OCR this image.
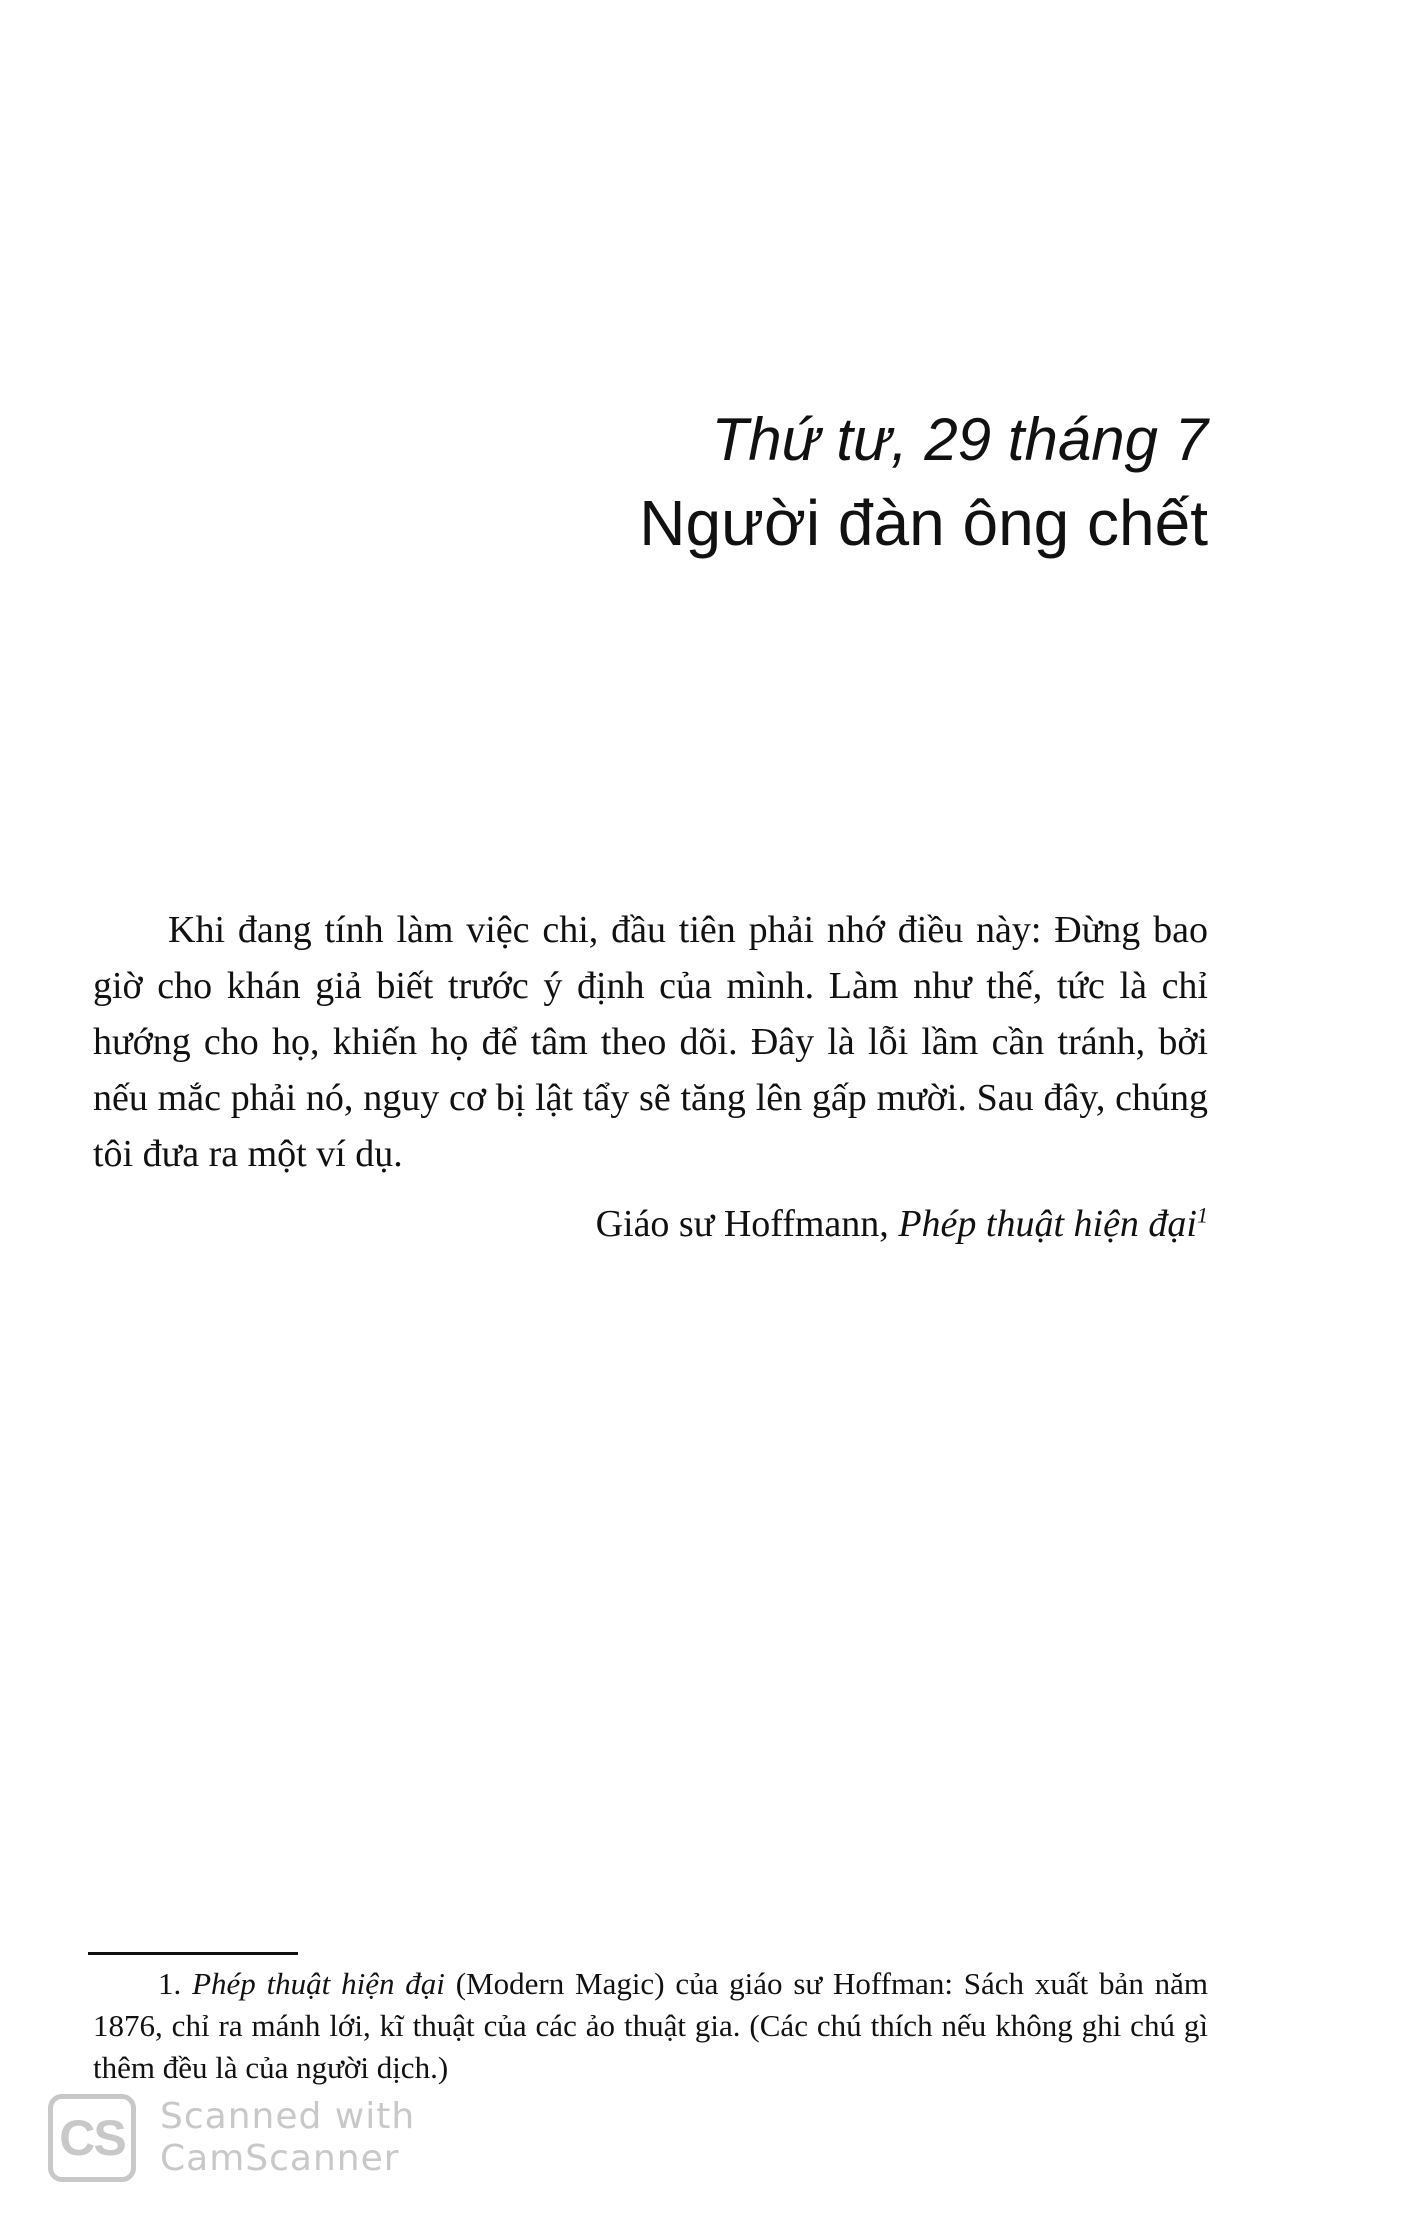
Thứ tư, 29 tháng 7
Người đàn ông chết

Khi đang tính làm việc chi, đầu tiên phải nhớ điều này: Đừng bao giờ cho khán giả biết trước ý định của mình. Làm như thế, tức là chỉ hướng cho họ, khiến họ để tâm theo dõi. Đây là lỗi lầm cần tránh, bởi nếu mắc phải nó, nguy cơ bị lật tẩy sẽ tăng lên gấp mười. Sau đây, chúng tôi đưa ra một ví dụ.

Giáo sư Hoffmann, Phép thuật hiện đại$^1$

1. Phép thuật hiện đại (Modern Magic) của giáo sư Hoffman: Sách xuất bản năm 1876, chỉ ra mánh lới, kĩ thuật của các ảo thuật gia. (Các chú thích nếu không ghi chú gì thêm đều là của người dịch.)

CS Scanned with
CamScanner
